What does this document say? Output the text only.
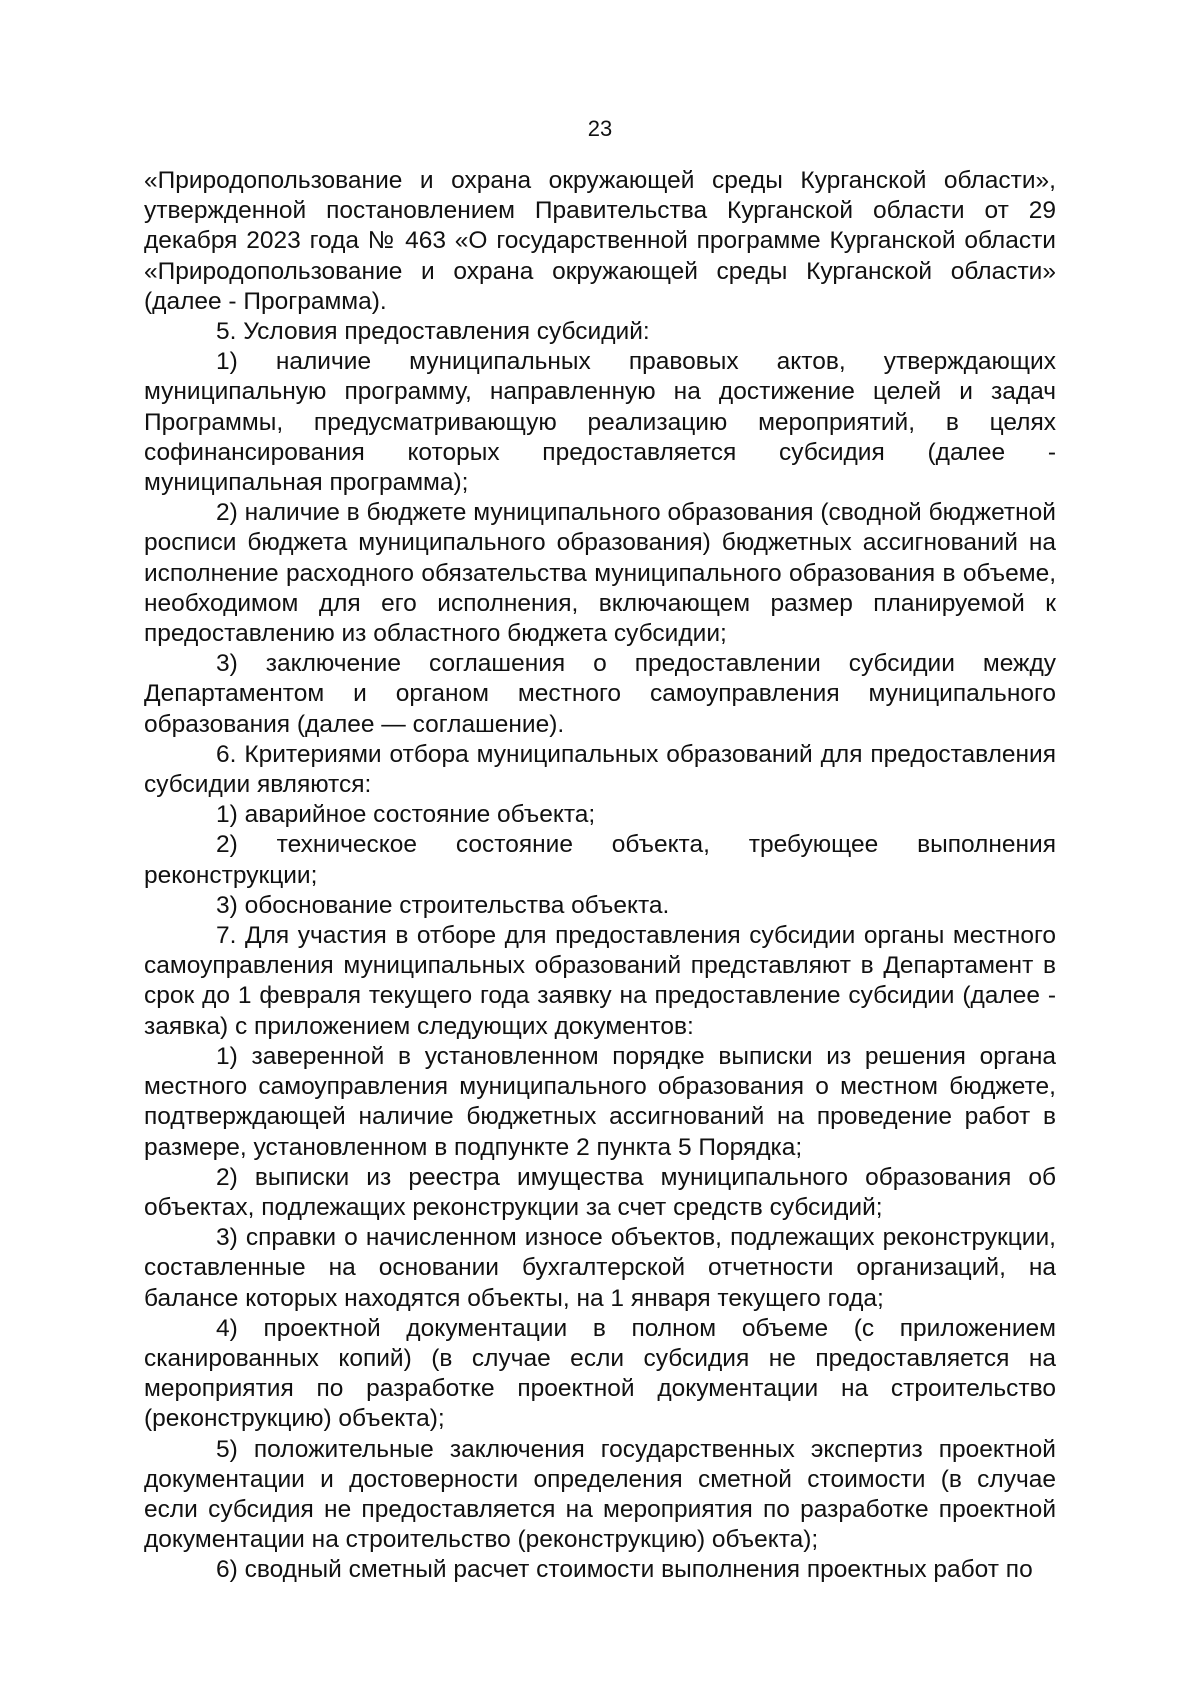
23

«Природопользование и охрана окружающей среды Курганской области», утвержденной постановлением Правительства Курганской области от 29 декабря 2023 года № 463 «О государственной программе Курганской области «Природопользование и охрана окружающей среды Курганской области» (далее - Программа).

5. Условия предоставления субсидий:

1) наличие муниципальных правовых актов, утверждающих муниципальную программу, направленную на достижение целей и задач Программы, предусматривающую реализацию мероприятий, в целях софинансирования которых предоставляется субсидия (далее - муниципальная программа);

2) наличие в бюджете муниципального образования (сводной бюджетной росписи бюджета муниципального образования) бюджетных ассигнований на исполнение расходного обязательства муниципального образования в объеме, необходимом для его исполнения, включающем размер планируемой к предоставлению из областного бюджета субсидии;

3) заключение соглашения о предоставлении субсидии между Департаментом и органом местного самоуправления муниципального образования (далее — соглашение).

6. Критериями отбора муниципальных образований для предоставления субсидии являются:

1) аварийное состояние объекта;

2) техническое состояние объекта, требующее выполнения реконструкции;

3) обоснование строительства объекта.

7. Для участия в отборе для предоставления субсидии органы местного самоуправления муниципальных образований представляют в Департамент в срок до 1 февраля текущего года заявку на предоставление субсидии (далее - заявка) с приложением следующих документов:

1) заверенной в установленном порядке выписки из решения органа местного самоуправления муниципального образования о местном бюджете, подтверждающей наличие бюджетных ассигнований на проведение работ в размере, установленном в подпункте 2 пункта 5 Порядка;

2) выписки из реестра имущества муниципального образования об объектах, подлежащих реконструкции за счет средств субсидий;

3) справки о начисленном износе объектов, подлежащих реконструкции, составленные на основании бухгалтерской отчетности организаций, на балансе которых находятся объекты, на 1 января текущего года;

4) проектной документации в полном объеме (с приложением сканированных копий) (в случае если субсидия не предоставляется на мероприятия по разработке проектной документации на строительство (реконструкцию) объекта);

5) положительные заключения государственных экспертиз проектной документации и достоверности определения сметной стоимости (в случае если субсидия не предоставляется на мероприятия по разработке проектной документации на строительство (реконструкцию) объекта);

6) сводный сметный расчет стоимости выполнения проектных работ по
